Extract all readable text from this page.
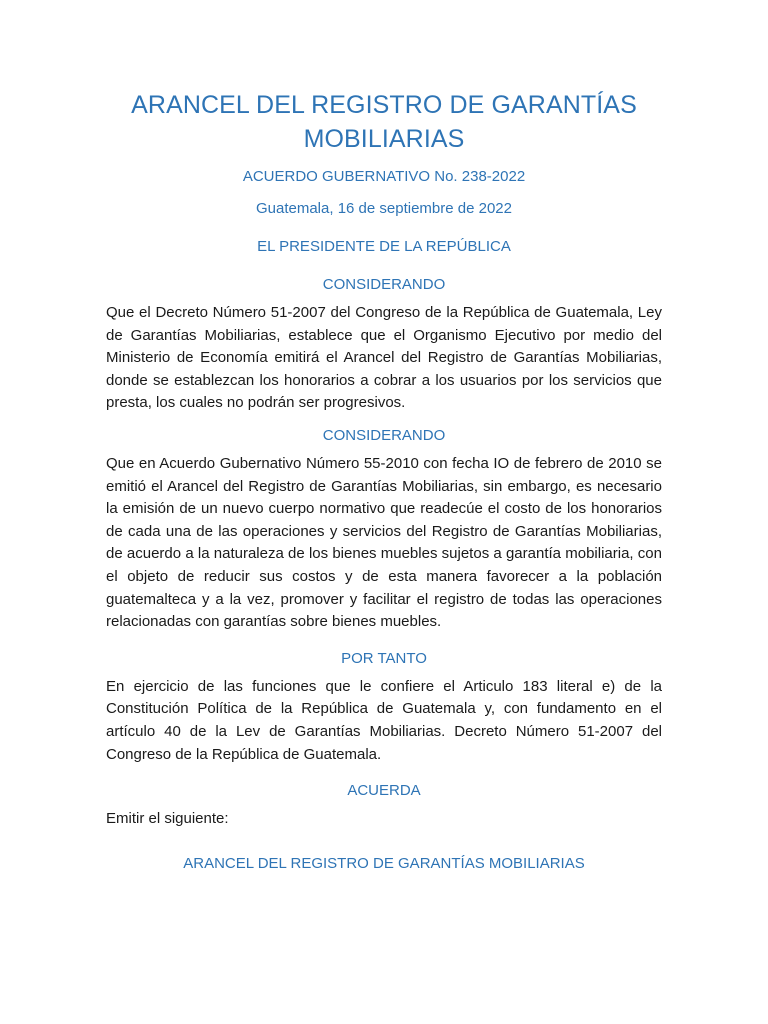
ARANCEL DEL REGISTRO DE GARANTÍAS
MOBILIARIAS

ACUERDO GUBERNATIVO No. 238-2022

Guatemala, 16 de septiembre de 2022

EL PRESIDENTE DE LA REPÚBLICA

CONSIDERANDO

Que el Decreto Número 51-2007 del Congreso de la República de Guatemala, Ley de Garantías Mobiliarias, establece que el Organismo Ejecutivo por medio del Ministerio de Economía emitirá el Arancel del Registro de Garantías Mobiliarias, donde se establezcan los honorarios a cobrar a los usuarios por los servicios que presta, los cuales no podrán ser progresivos.

CONSIDERANDO

Que en Acuerdo Gubernativo Número 55-2010 con fecha IO de febrero de 2010 se emitió el Arancel del Registro de Garantías Mobiliarias, sin embargo, es necesario la emisión de un nuevo cuerpo normativo que readecúe el costo de los honorarios de cada una de las operaciones y servicios del Registro de Garantías Mobiliarias, de acuerdo a la naturaleza de los bienes muebles sujetos a garantía mobiliaria, con el objeto de reducir sus costos y de esta manera favorecer a la población guatemalteca y a la vez, promover y facilitar el registro de todas las operaciones relacionadas con garantías sobre bienes muebles.

POR TANTO

En ejercicio de las funciones que le confiere el Articulo 183 literal e) de la Constitución Política de la República de Guatemala y, con fundamento en el artículo 40 de la Lev de Garantías Mobiliarias. Decreto Número 51-2007 del Congreso de la República de Guatemala.

ACUERDA

Emitir el siguiente:

ARANCEL DEL REGISTRO DE GARANTÍAS MOBILIARIAS
